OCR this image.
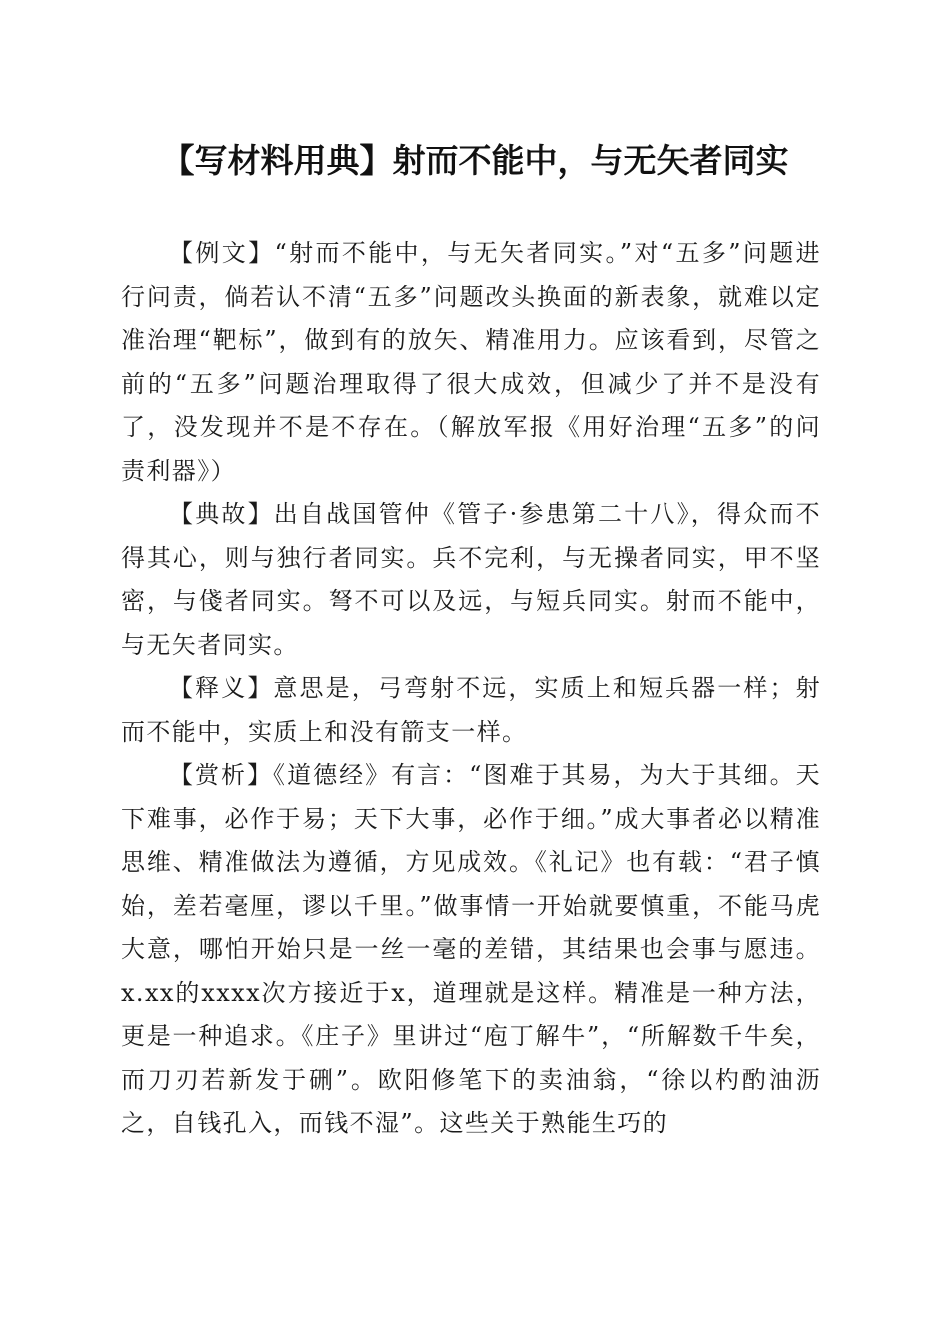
【写材料用典】射而不能中，与无矢者同实

【例文】“射而不能中，与无矢者同实。”对“五多”问题进行问责，倘若认不清“五多”问题改头换面的新表象，就难以定准治理“靶标”，做到有的放矢、精准用力。应该看到，尽管之前的“五多”问题治理取得了很大成效，但减少了并不是没有了，没发现并不是不存在。（解放军报《用好治理“五多”的问责利器》）

【典故】出自战国管仲《管子·参患第二十八》，得众而不得其心，则与独行者同实。兵不完利，与无操者同实，甲不坚密，与俴者同实。弩不可以及远，与短兵同实。射而不能中，与无矢者同实。

【释义】意思是，弓弯射不远，实质上和短兵器一样；射而不能中，实质上和没有箭支一样。

【赏析】《道德经》有言：“图难于其易，为大于其细。天下难事，必作于易；天下大事，必作于细。”成大事者必以精准思维、精准做法为遵循，方见成效。《礼记》也有载：“君子慎始，差若毫厘，谬以千里。”做事情一开始就要慎重，不能马虎大意，哪怕开始只是一丝一毫的差错，其结果也会事与愿违。x.xx的xxxx次方接近于x，道理就是这样。精准是一种方法，更是一种追求。《庄子》里讲过“庖丁解牛”，“所解数千牛矣，而刀刃若新发于硎”。欧阳修笔下的卖油翁，“徐以杓酌油沥之，自钱孔入，而钱不湿”。这些关于熟能生巧的
